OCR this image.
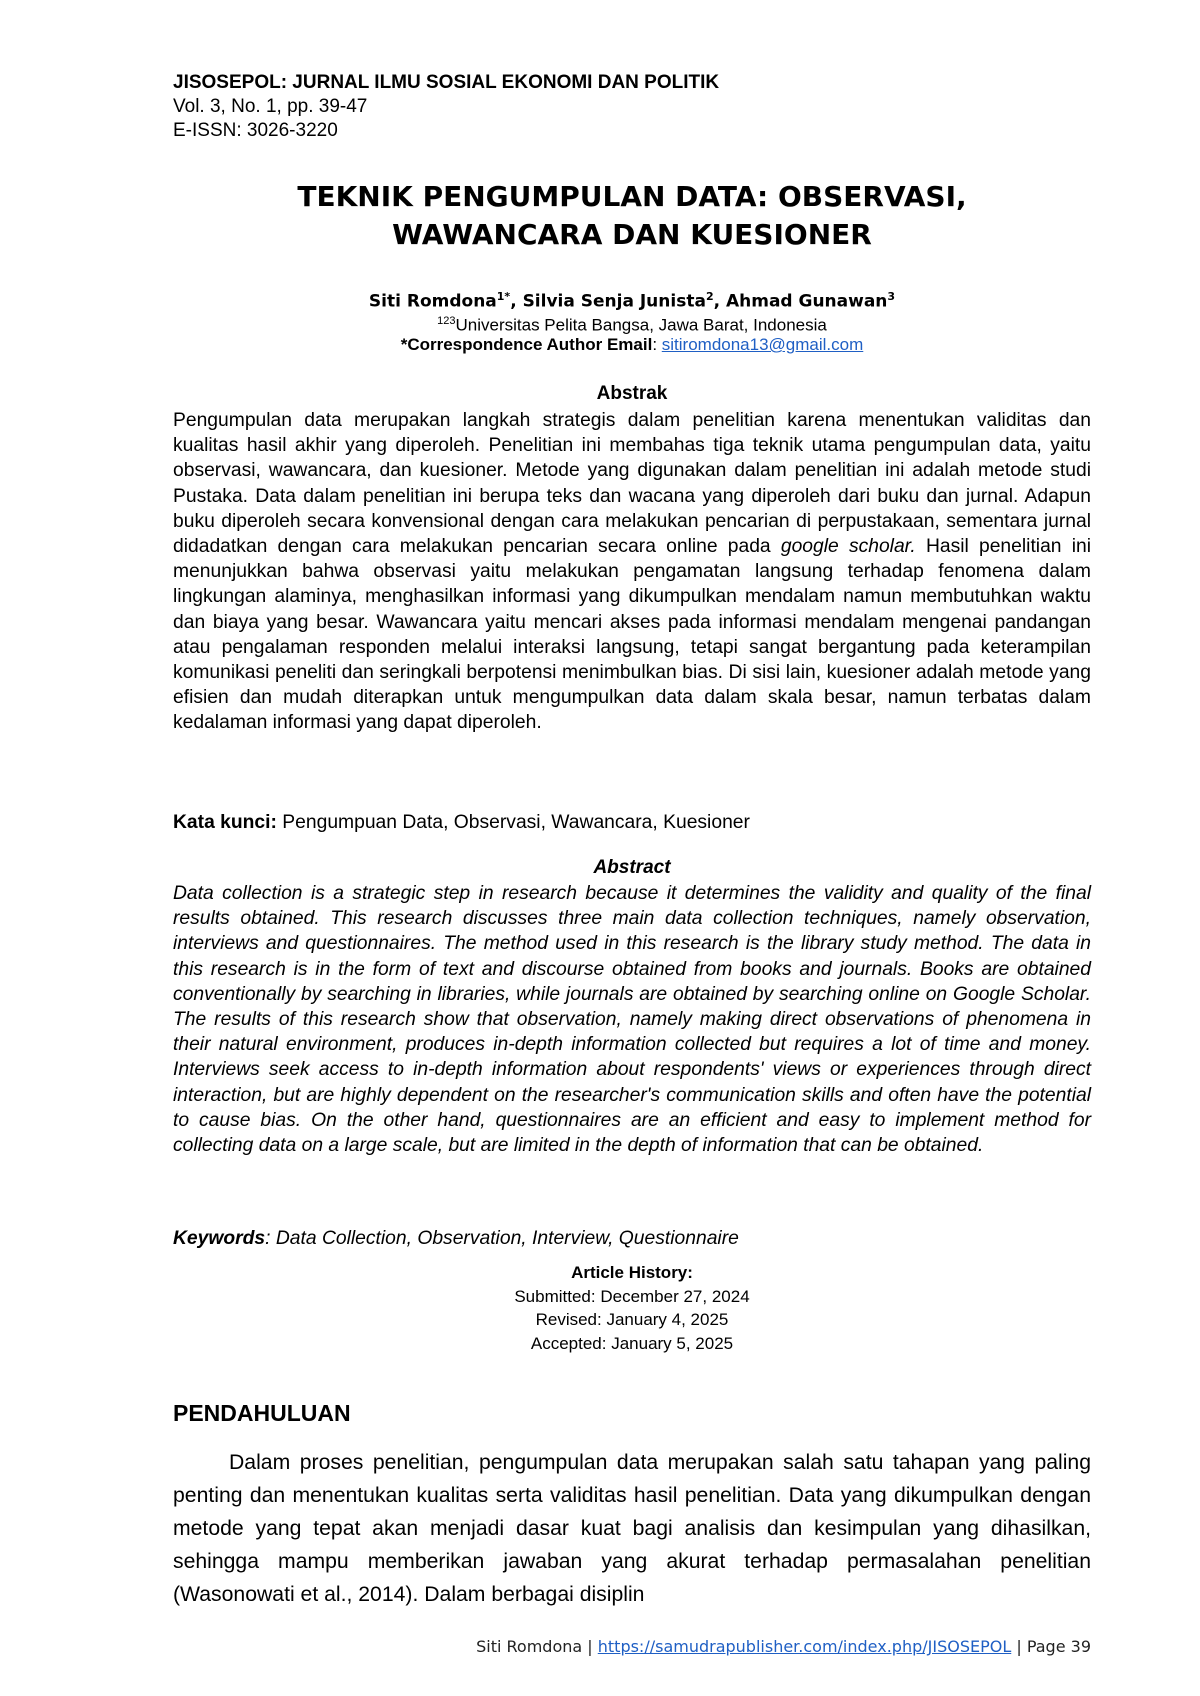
JISOSEPOL: JURNAL ILMU SOSIAL EKONOMI DAN POLITIK
Vol. 3, No. 1, pp. 39-47
E-ISSN: 3026-3220
TEKNIK PENGUMPULAN DATA: OBSERVASI,
WAWANCARA DAN KUESIONER
Siti Romdona$^{1*}$, Silvia Senja Junista$^2$, Ahmad Gunawan$^3$
$^{123}$Universitas Pelita Bangsa, Jawa Barat, Indonesia
*Correspondence Author Email: sitiromdona13@gmail.com
Abstrak
Pengumpulan data merupakan langkah strategis dalam penelitian karena menentukan validitas dan kualitas hasil akhir yang diperoleh. Penelitian ini membahas tiga teknik utama pengumpulan data, yaitu observasi, wawancara, dan kuesioner. Metode yang digunakan dalam penelitian ini adalah metode studi Pustaka. Data dalam penelitian ini berupa teks dan wacana yang diperoleh dari buku dan jurnal. Adapun buku diperoleh secara konvensional dengan cara melakukan pencarian di perpustakaan, sementara jurnal didadatkan dengan cara melakukan pencarian secara online pada google scholar. Hasil penelitian ini menunjukkan bahwa observasi yaitu melakukan pengamatan langsung terhadap fenomena dalam lingkungan alaminya, menghasilkan informasi yang dikumpulkan mendalam namun membutuhkan waktu dan biaya yang besar. Wawancara yaitu mencari akses pada informasi mendalam mengenai pandangan atau pengalaman responden melalui interaksi langsung, tetapi sangat bergantung pada keterampilan komunikasi peneliti dan seringkali berpotensi menimbulkan bias. Di sisi lain, kuesioner adalah metode yang efisien dan mudah diterapkan untuk mengumpulkan data dalam skala besar, namun terbatas dalam kedalaman informasi yang dapat diperoleh.
Kata kunci: Pengumpuan Data, Observasi, Wawancara, Kuesioner
Abstract
Data collection is a strategic step in research because it determines the validity and quality of the final results obtained. This research discusses three main data collection techniques, namely observation, interviews and questionnaires. The method used in this research is the library study method. The data in this research is in the form of text and discourse obtained from books and journals. Books are obtained conventionally by searching in libraries, while journals are obtained by searching online on Google Scholar. The results of this research show that observation, namely making direct observations of phenomena in their natural environment, produces in-depth information collected but requires a lot of time and money. Interviews seek access to in-depth information about respondents' views or experiences through direct interaction, but are highly dependent on the researcher's communication skills and often have the potential to cause bias. On the other hand, questionnaires are an efficient and easy to implement method for collecting data on a large scale, but are limited in the depth of information that can be obtained.
Keywords: Data Collection, Observation, Interview, Questionnaire
Article History:
Submitted: December 27, 2024
Revised: January 4, 2025
Accepted: January 5, 2025
PENDAHULUAN
Dalam proses penelitian, pengumpulan data merupakan salah satu tahapan yang paling penting dan menentukan kualitas serta validitas hasil penelitian. Data yang dikumpulkan dengan metode yang tepat akan menjadi dasar kuat bagi analisis dan kesimpulan yang dihasilkan, sehingga mampu memberikan jawaban yang akurat terhadap permasalahan penelitian (Wasonowati et al., 2014). Dalam berbagai disiplin
Siti Romdona | https://samudrapublisher.com/index.php/JISOSEPOL | Page 39
